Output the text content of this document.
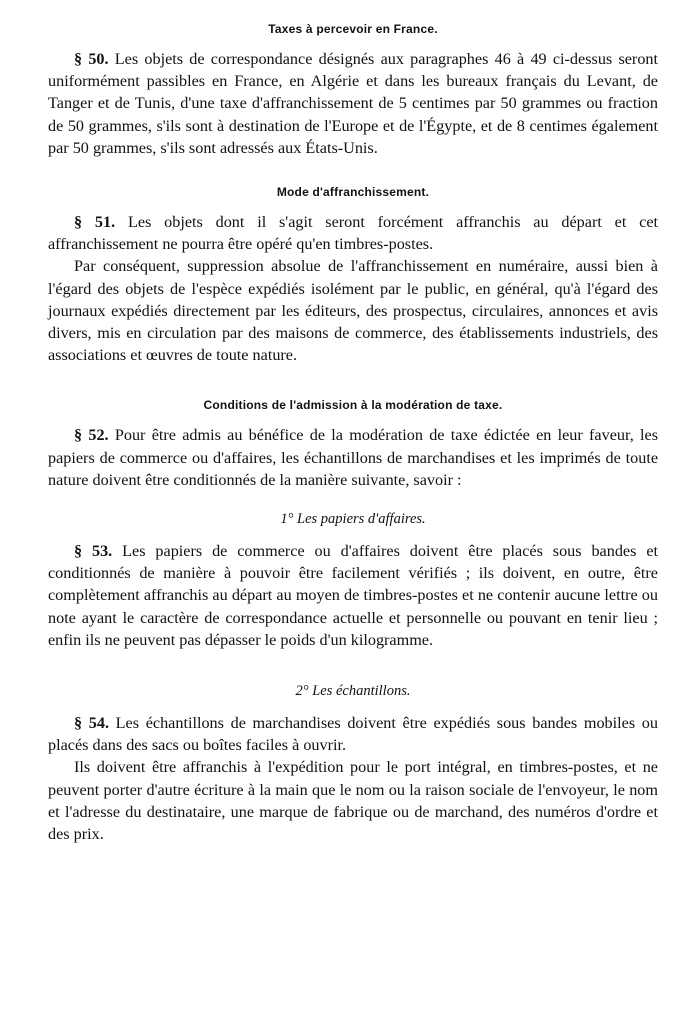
Taxes à percevoir en France.

§ 50. Les objets de correspondance désignés aux paragraphes 46 à 49 ci-dessus seront uniformément passibles en France, en Algérie et dans les bureaux français du Levant, de Tanger et de Tunis, d'une taxe d'affranchissement de 5 centimes par 50 grammes ou fraction de 50 grammes, s'ils sont à destination de l'Europe et de l'Égypte, et de 8 centimes également par 50 grammes, s'ils sont adressés aux États-Unis.

Mode d'affranchissement.

§ 51. Les objets dont il s'agit seront forcément affranchis au départ et cet affranchissement ne pourra être opéré qu'en timbres-postes.

Par conséquent, suppression absolue de l'affranchissement en numéraire, aussi bien à l'égard des objets de l'espèce expédiés isolément par le public, en général, qu'à l'égard des journaux expédiés directement par les éditeurs, des prospectus, circulaires, annonces et avis divers, mis en circulation par des maisons de commerce, des établissements industriels, des associations et œuvres de toute nature.

Conditions de l'admission à la modération de taxe.

§ 52. Pour être admis au bénéfice de la modération de taxe édictée en leur faveur, les papiers de commerce ou d'affaires, les échantillons de marchandises et les imprimés de toute nature doivent être conditionnés de la manière suivante, savoir :

1° Les papiers d'affaires.

§ 53. Les papiers de commerce ou d'affaires doivent être placés sous bandes et conditionnés de manière à pouvoir être facilement vérifiés ; ils doivent, en outre, être complètement affranchis au départ au moyen de timbres-postes et ne contenir aucune lettre ou note ayant le caractère de correspondance actuelle et personnelle ou pouvant en tenir lieu ; enfin ils ne peuvent pas dépasser le poids d'un kilogramme.

2° Les échantillons.

§ 54. Les échantillons de marchandises doivent être expédiés sous bandes mobiles ou placés dans des sacs ou boîtes faciles à ouvrir.

Ils doivent être affranchis à l'expédition pour le port intégral, en timbres-postes, et ne peuvent porter d'autre écriture à la main que le nom ou la raison sociale de l'envoyeur, le nom et l'adresse du destinataire, une marque de fabrique ou de marchand, des numéros d'ordre et des prix.
